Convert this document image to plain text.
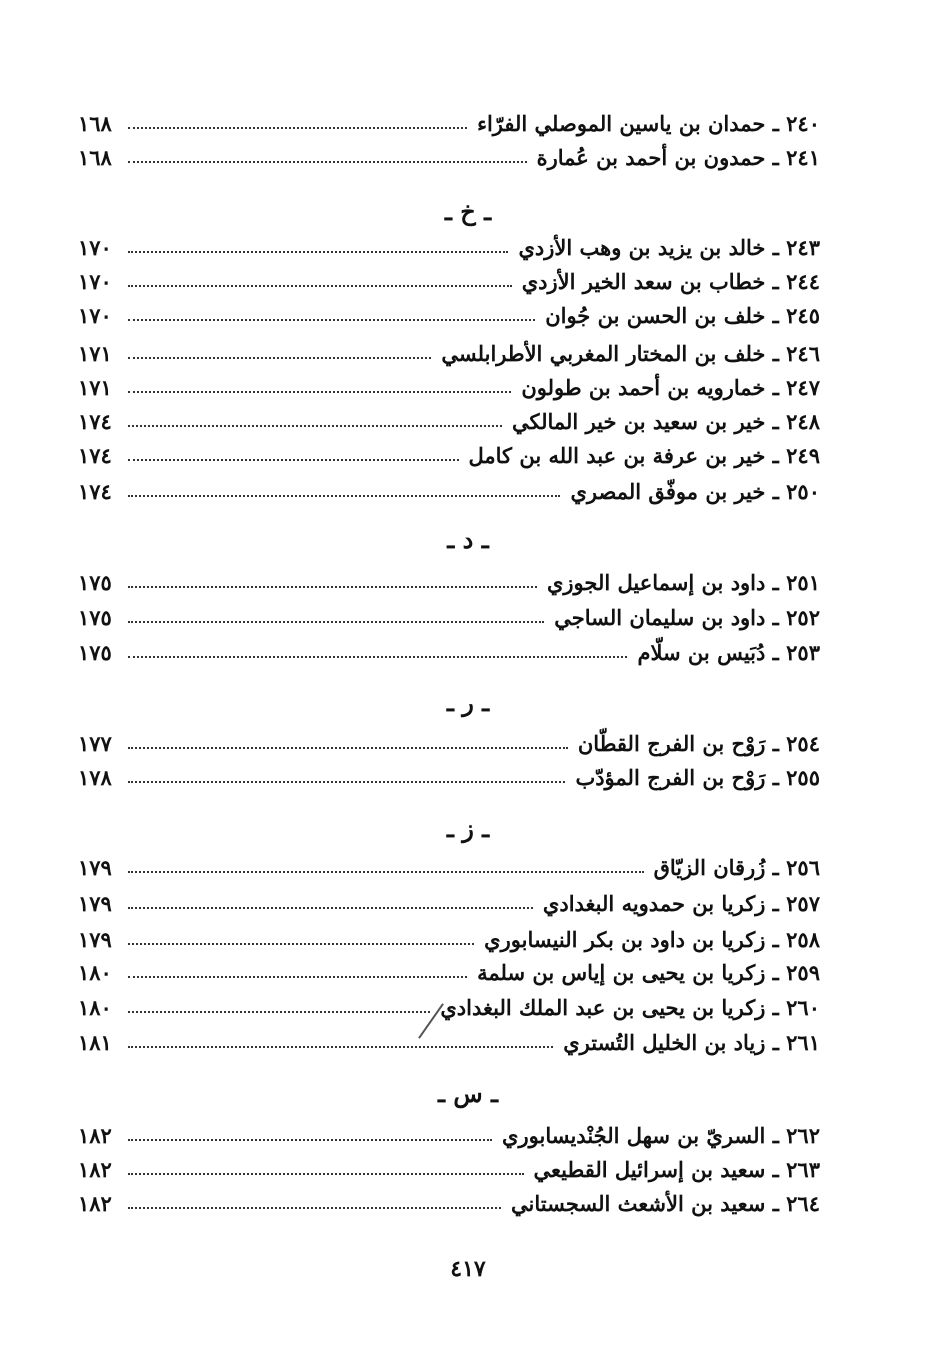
٢٤٠ ـ حمدان بن ياسين الموصلي الفرّاء
١٦٨
٢٤١ ـ حمدون بن أحمد بن عُمارة
١٦٨
ـ خ ـ
٢٤٣ ـ خالد بن يزيد بن وهب الأزدي
١٧٠
٢٤٤ ـ خطاب بن سعد الخير الأزدي
١٧٠
٢٤٥ ـ خلف بن الحسن بن جُوان
١٧٠
٢٤٦ ـ خلف بن المختار المغربي الأطرابلسي
١٧١
٢٤٧ ـ خمارويه بن أحمد بن طولون
١٧١
٢٤٨ ـ خير بن سعيد بن خير المالكي
١٧٤
٢٤٩ ـ خير بن عرفة بن عبد الله بن كامل
١٧٤
٢٥٠ ـ خير بن موفّق المصري
١٧٤
ـ د ـ
٢٥١ ـ داود بن إسماعيل الجوزي
١٧٥
٢٥٢ ـ داود بن سليمان الساجي
١٧٥
٢٥٣ ـ دُبَيس بن سلّام
١٧٥
ـ ر ـ
٢٥٤ ـ رَوْح بن الفرج القطّان
١٧٧
٢٥٥ ـ رَوْح بن الفرج المؤدّب
١٧٨
ـ ز ـ
٢٥٦ ـ زُرقان الزيّاق
١٧٩
٢٥٧ ـ زكريا بن حمدويه البغدادي
١٧٩
٢٥٨ ـ زكريا بن داود بن بكر النيسابوري
١٧٩
٢٥٩ ـ زكريا بن يحيى بن إياس بن سلمة
١٨٠
٢٦٠ ـ زكريا بن يحيى بن عبد الملك البغدادي
١٨٠
٢٦١ ـ زياد بن الخليل التُستري
١٨١
ـ س ـ
٢٦٢ ـ السريّ بن سهل الجُنْديسابوري
١٨٢
٢٦٣ ـ سعيد بن إسرائيل القطيعي
١٨٢
٢٦٤ ـ سعيد بن الأشعث السجستاني
١٨٢
٤١٧
